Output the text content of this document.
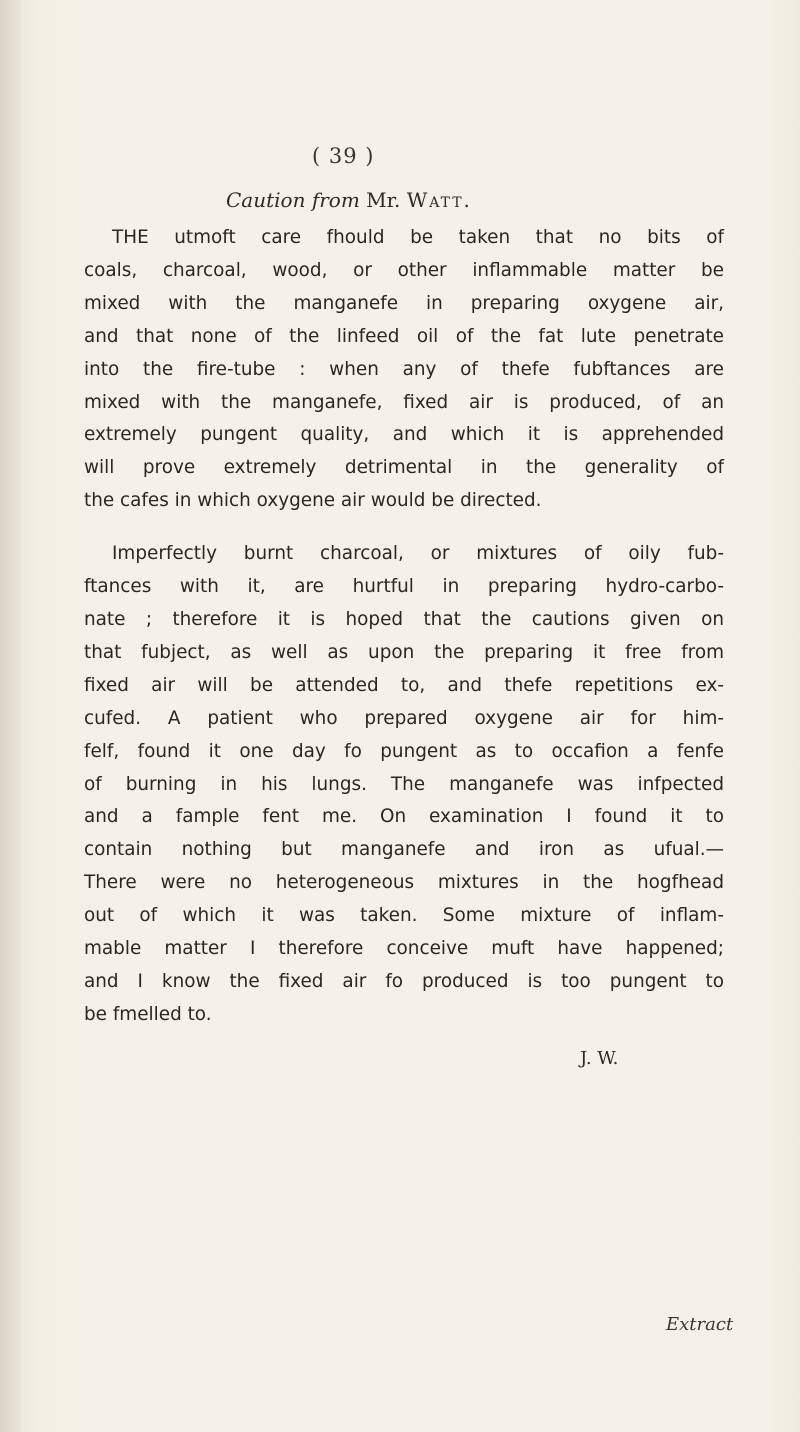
( 39 )
Caution from Mr. Watt.
THE utmoft care fhould be taken that no bits of
coals, charcoal, wood, or other inflammable matter be
mixed with the manganefe in preparing oxygene air,
and that none of the linfeed oil of the fat lute penetrate
into the fire-tube : when any of thefe fubftances are
mixed with the manganefe, fixed air is produced, of an
extremely pungent quality, and which it is apprehended
will prove extremely detrimental in the generality of
the cafes in which oxygene air would be directed.
Imperfectly burnt charcoal, or mixtures of oily fub-
ftances with it, are hurtful in preparing hydro-carbo-
nate ; therefore it is hoped that the cautions given on
that fubject, as well as upon the preparing it free from
fixed air will be attended to, and thefe repetitions ex-
cufed. A patient who prepared oxygene air for him-
felf, found it one day fo pungent as to occafion a fenfe
of burning in his lungs. The manganefe was infpected
and a fample fent me. On examination I found it to
contain nothing but manganefe and iron as ufual.—
There were no heterogeneous mixtures in the hogfhead
out of which it was taken. Some mixture of inflam-
mable matter I therefore conceive muft have happened;
and I know the fixed air fo produced is too pungent to
be fmelled to.
J. W.
Extract
